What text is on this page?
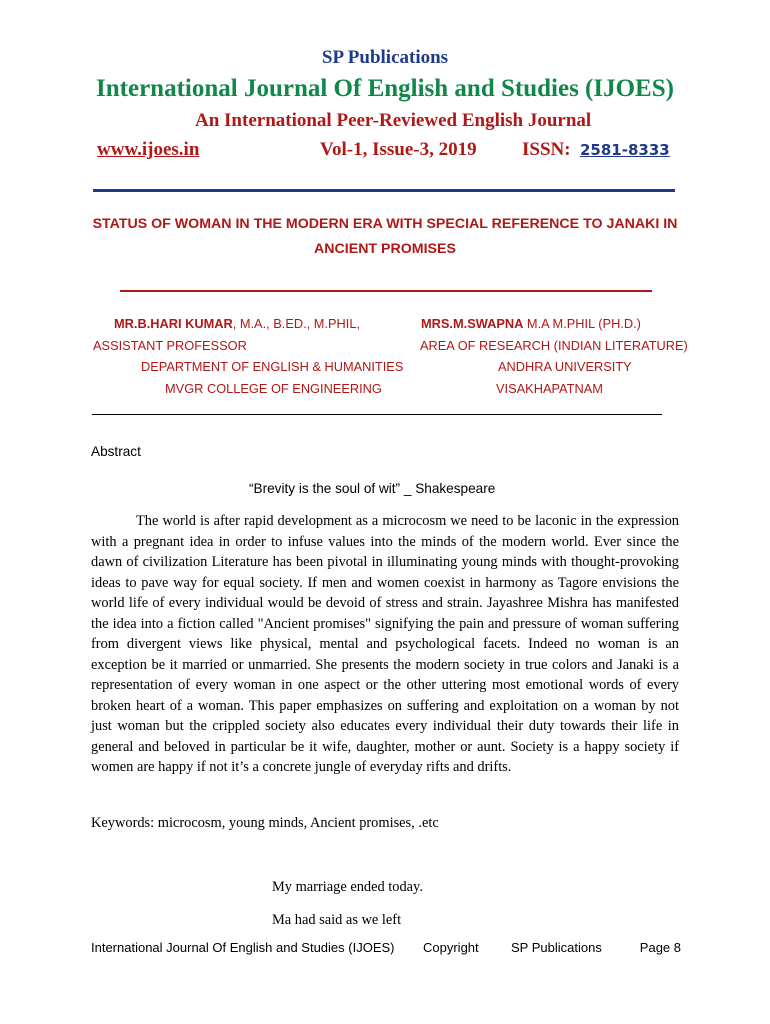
SP Publications
International Journal Of English and Studies (IJOES)
An International Peer-Reviewed English Journal
www.ijoes.in	Vol-1, Issue-3, 2019 ISSN: 2581-8333
STATUS OF WOMAN IN THE MODERN ERA WITH SPECIAL REFERENCE TO JANAKI IN ANCIENT PROMISES
MR.B.HARI KUMAR, M.A., B.ED., M.PHIL,
ASSISTANT PROFESSOR
DEPARTMENT OF ENGLISH & HUMANITIES
MVGR COLLEGE OF ENGINEERING
MRS.M.SWAPNA M.A M.PHIL (PH.D.)
AREA OF RESEARCH (INDIAN LITERATURE)
ANDHRA UNIVERSITY
VISAKHAPATNAM
Abstract
“Brevity is the soul of wit” _ Shakespeare

The world is after rapid development as a microcosm we need to be laconic in the expression with a pregnant idea in order to infuse values into the minds of the modern world. Ever since the dawn of civilization Literature has been pivotal in illuminating young minds with thought-provoking ideas to pave way for equal society. If men and women coexist in harmony as Tagore envisions the world life of every individual would be devoid of stress and strain. Jayashree Mishra has manifested the idea into a fiction called "Ancient promises" signifying the pain and pressure of woman suffering from divergent views like physical, mental and psychological facets. Indeed no woman is an exception be it married or unmarried. She presents the modern society in true colors and Janaki is a representation of every woman in one aspect or the other uttering most emotional words of every broken heart of a woman. This paper emphasizes on suffering and exploitation on a woman by not just woman but the crippled society also educates every individual their duty towards their life in general and beloved in particular be it wife, daughter, mother or aunt. Society is a happy society if women are happy if not it’s a concrete jungle of everyday rifts and drifts.

Keywords: microcosm, young minds, Ancient promises, .etc
My marriage ended today.
Ma had said as we left
International Journal Of English and Studies (IJOES) Copyright SP Publications	Page 8
